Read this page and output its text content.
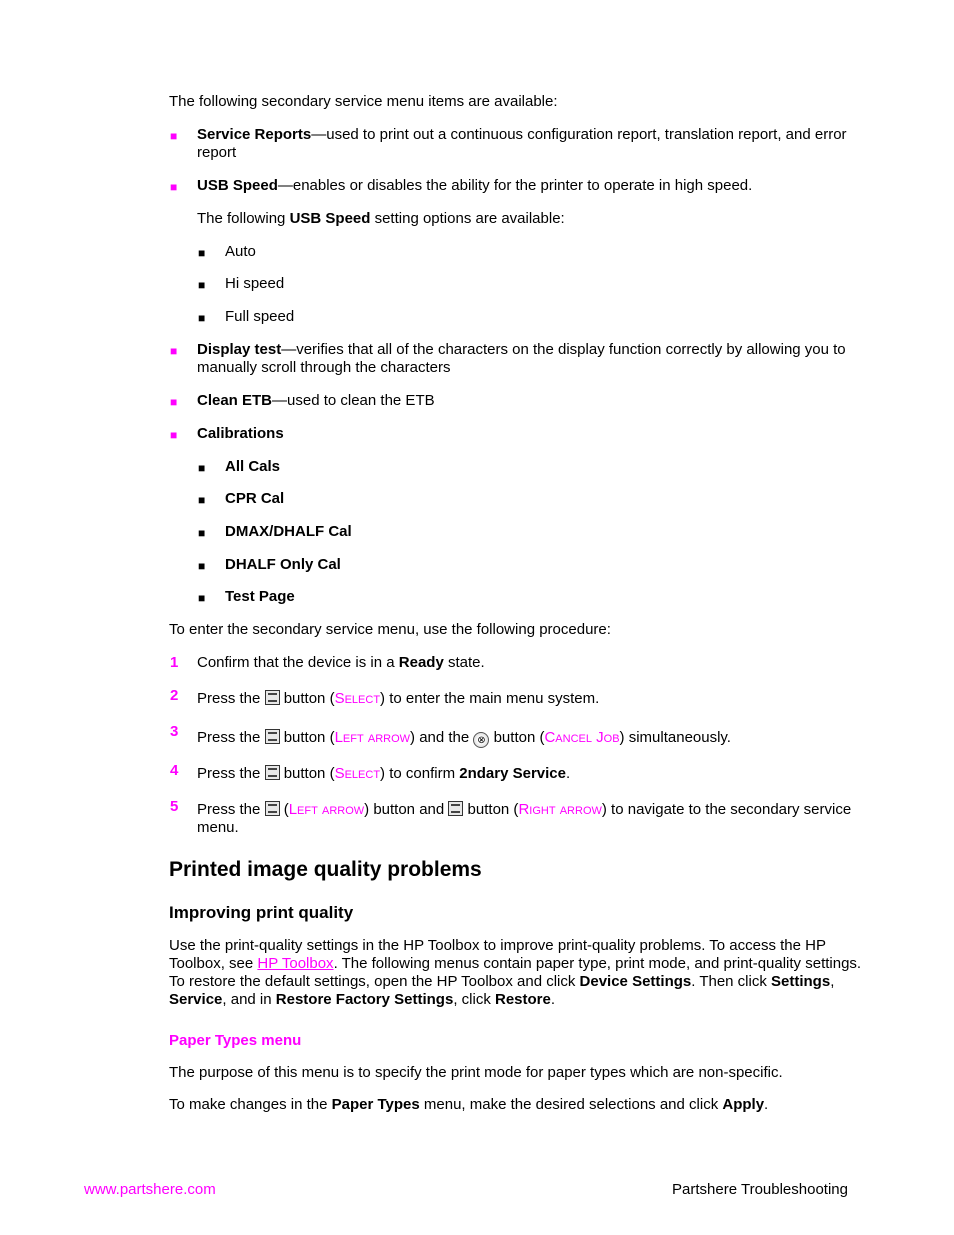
The following secondary service menu items are available:
■ Service Reports—used to print out a continuous configuration report, translation report, and error report
■ USB Speed—enables or disables the ability for the printer to operate in high speed.
The following USB Speed setting options are available:
■ Auto
■ Hi speed
■ Full speed
■ Display test—verifies that all of the characters on the display function correctly by allowing you to manually scroll through the characters
■ Clean ETB—used to clean the ETB
■ Calibrations
■ All Cals
■ CPR Cal
■ DMAX/DHALF Cal
■ DHALF Only Cal
■ Test Page
To enter the secondary service menu, use the following procedure:
1 Confirm that the device is in a Ready state.
2 Press the  button (Select) to enter the main menu system.
3 Press the  button (Left arrow) and the ⊗ button (Cancel Job) simultaneously.
4 Press the  button (Select) to confirm 2ndary Service.
5 Press the  (Left arrow) button and  button (Right arrow) to navigate to the secondary service menu.
Printed image quality problems
Improving print quality
Use the print-quality settings in the HP Toolbox to improve print-quality problems. To access the HP Toolbox, see HP Toolbox. The following menus contain paper type, print mode, and print-quality settings. To restore the default settings, open the HP Toolbox and click Device Settings. Then click Settings, Service, and in Restore Factory Settings, click Restore.
Paper Types menu
The purpose of this menu is to specify the print mode for paper types which are non-specific.
To make changes in the Paper Types menu, make the desired selections and click Apply.
www.partshere.com	Partshere Troubleshooting
